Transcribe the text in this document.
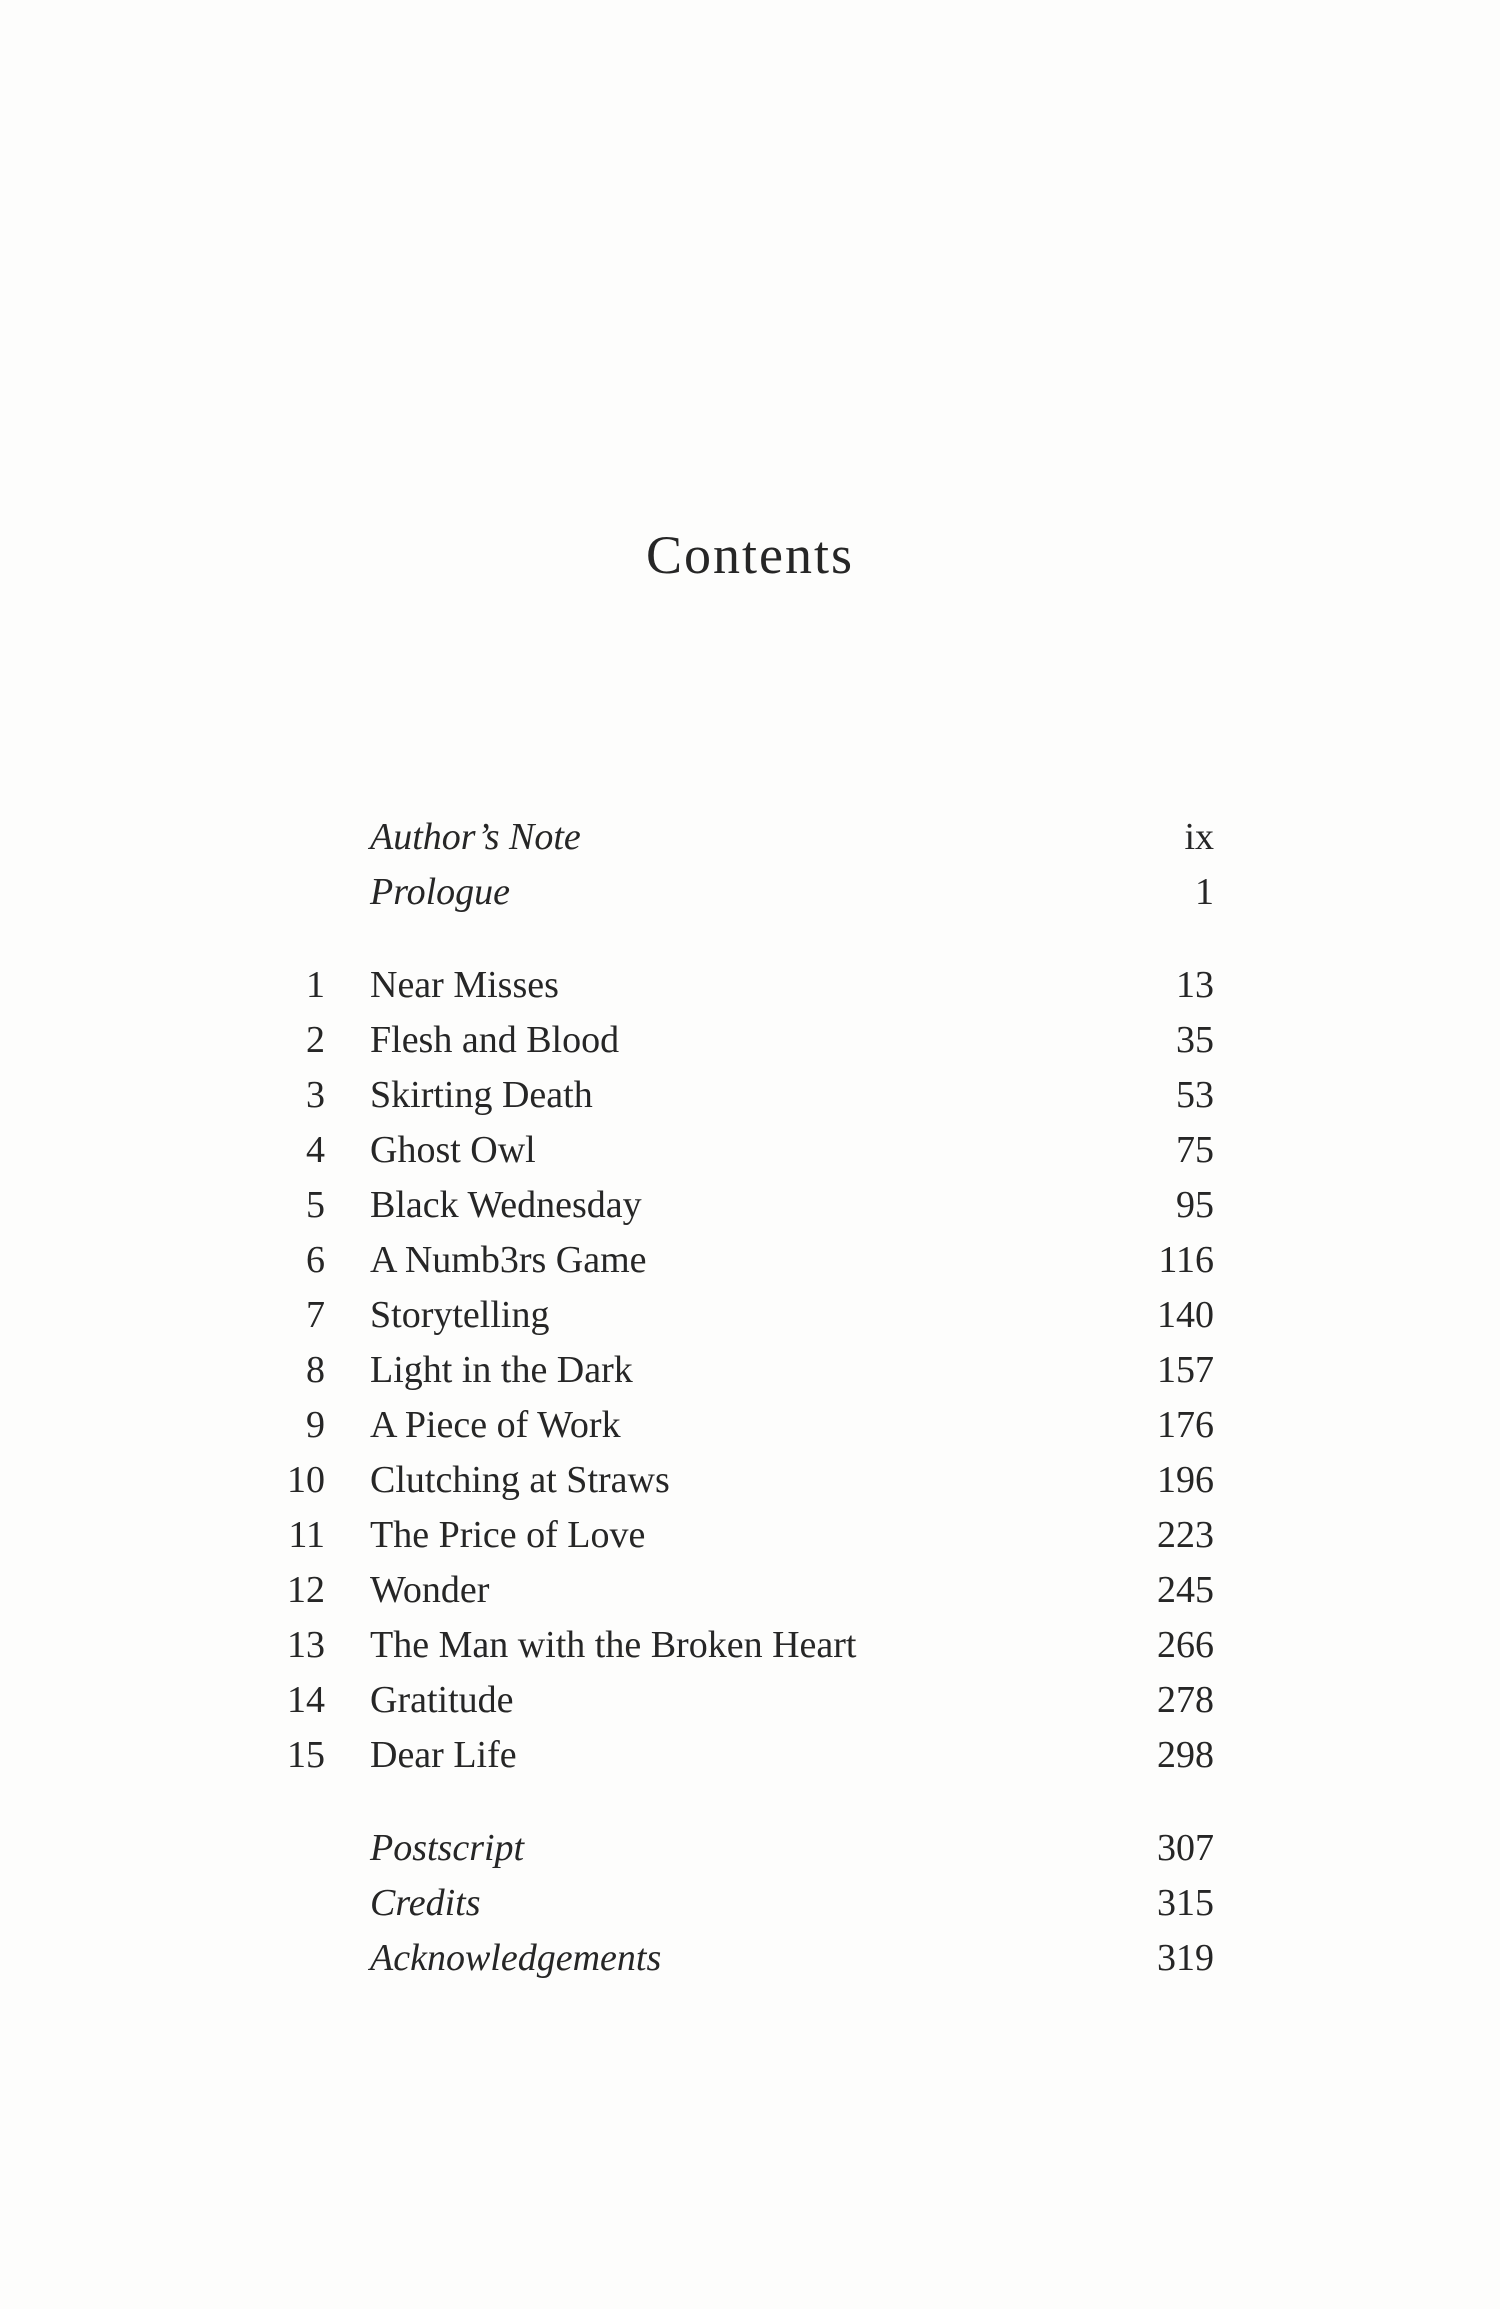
Contents
Author’s Note	ix
Prologue	1
1 Near Misses	13
2 Flesh and Blood	35
3 Skirting Death	53
4 Ghost Owl	75
5 Black Wednesday	95
6 A Numb3rs Game	116
7 Storytelling	140
8 Light in the Dark	157
9 A Piece of Work	176
10 Clutching at Straws	196
11 The Price of Love	223
12 Wonder	245
13 The Man with the Broken Heart	266
14 Gratitude	278
15 Dear Life	298
Postscript	307
Credits	315
Acknowledgements	319
